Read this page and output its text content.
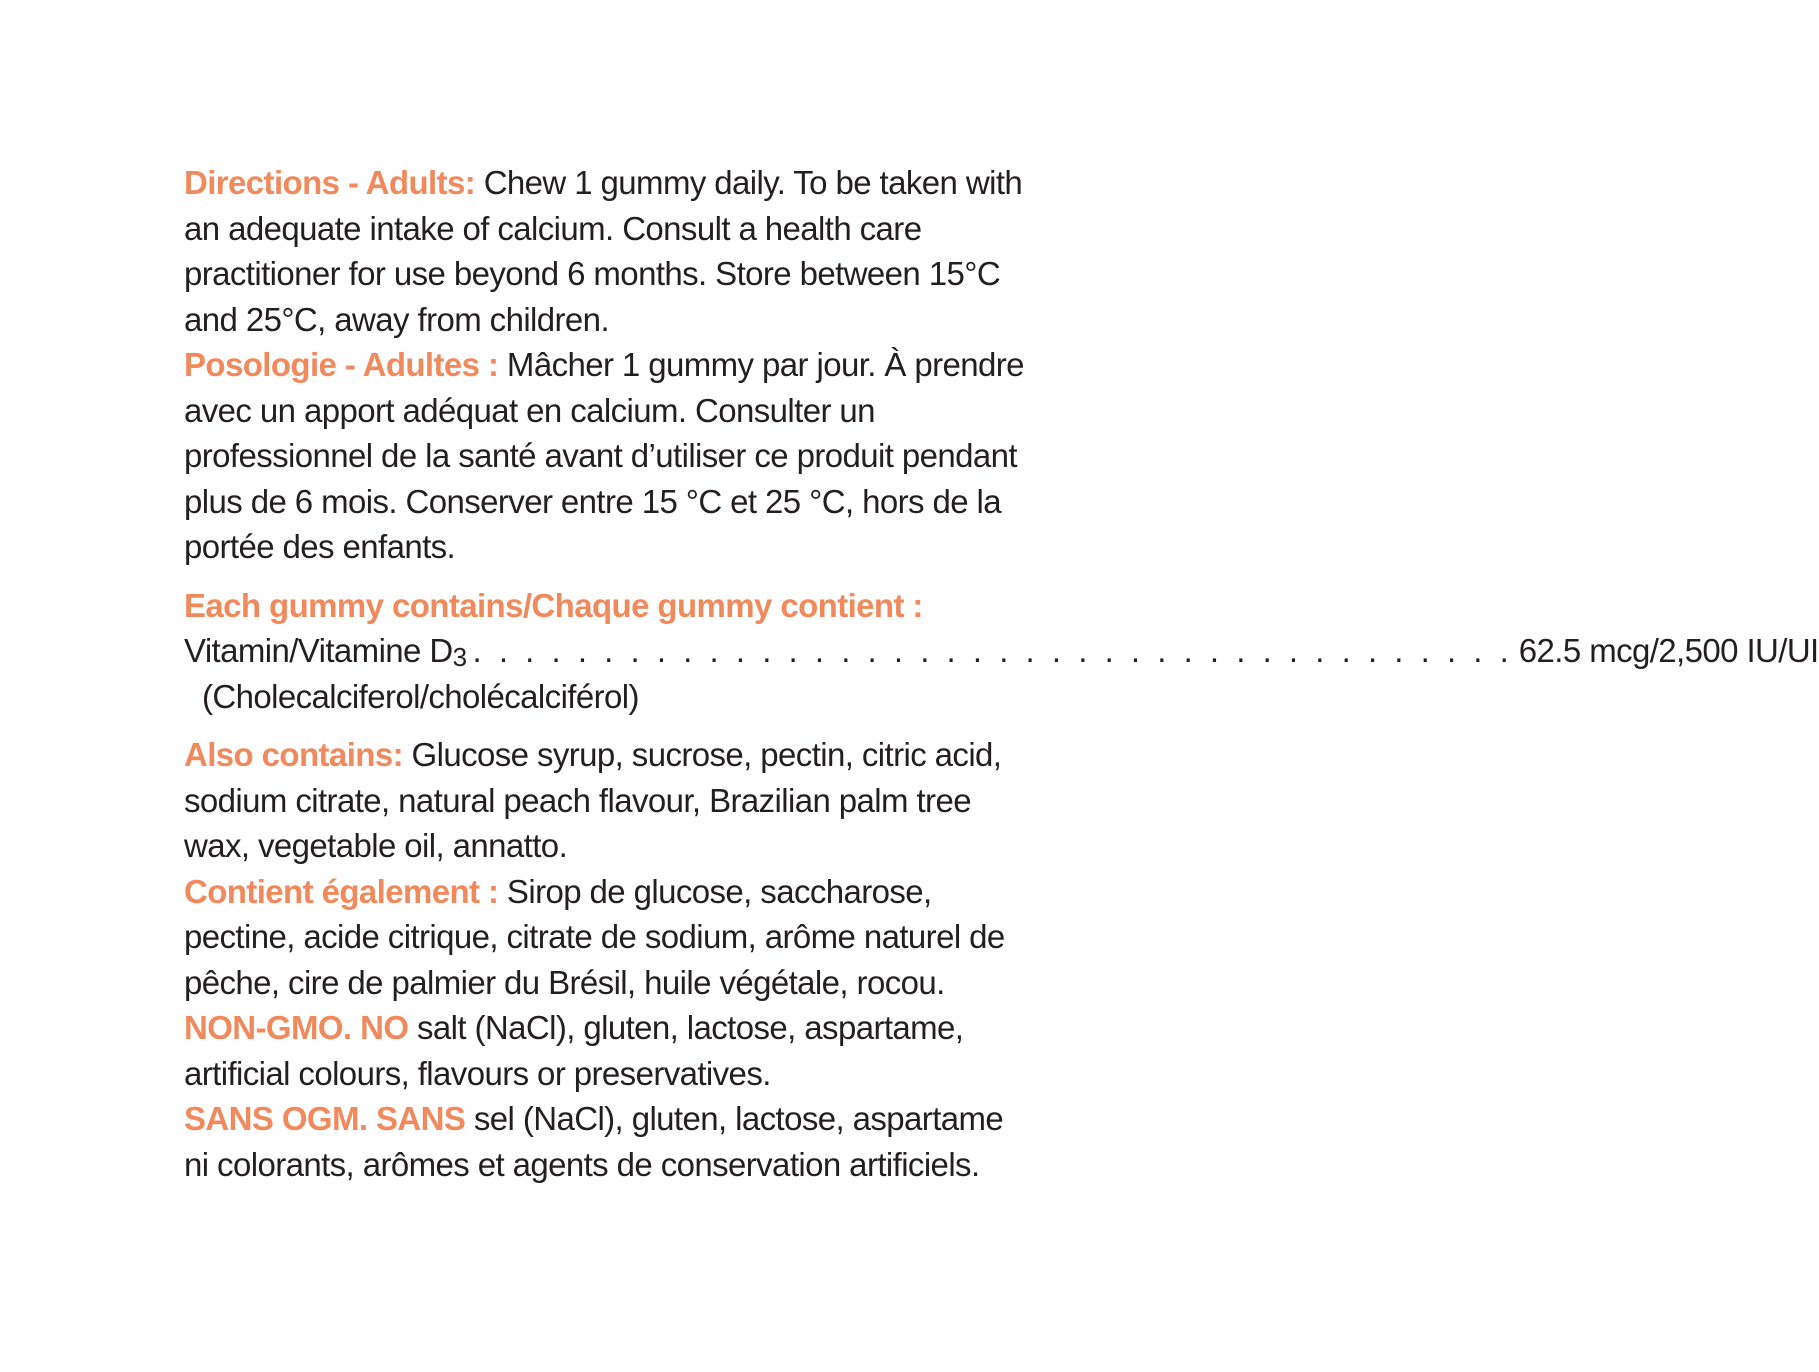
Directions - Adults: Chew 1 gummy daily. To be taken with an adequate intake of calcium. Consult a health care practitioner for use beyond 6 months. Store between 15°C and 25°C, away from children.

Posologie - Adultes : Mâcher 1 gummy par jour. À prendre avec un apport adéquat en calcium. Consulter un professionnel de la santé avant d’utiliser ce produit pendant plus de 6 mois. Conserver entre 15 °C et 25 °C, hors de la portée des enfants.

Each gummy contains/Chaque gummy contient :

Vitamin/Vitamine $D_3$ . . . . . . . . . . . . . . . . . . . . . . . . . . . . . . . . . . . . . . . . 62.5 mcg/2,500 IU/UI
(Cholecalciferol/cholécalciférol)

Also contains: Glucose syrup, sucrose, pectin, citric acid, sodium citrate, natural peach flavour, Brazilian palm tree wax, vegetable oil, annatto.

Contient également : Sirop de glucose, saccharose, pectine, acide citrique, citrate de sodium, arôme naturel de pêche, cire de palmier du Brésil, huile végétale, rocou.

NON-GMO. NO salt (NaCl), gluten, lactose, aspartame, artificial colours, flavours or preservatives.

SANS OGM. SANS sel (NaCl), gluten, lactose, aspartame ni colorants, arômes et agents de conservation artificiels.
